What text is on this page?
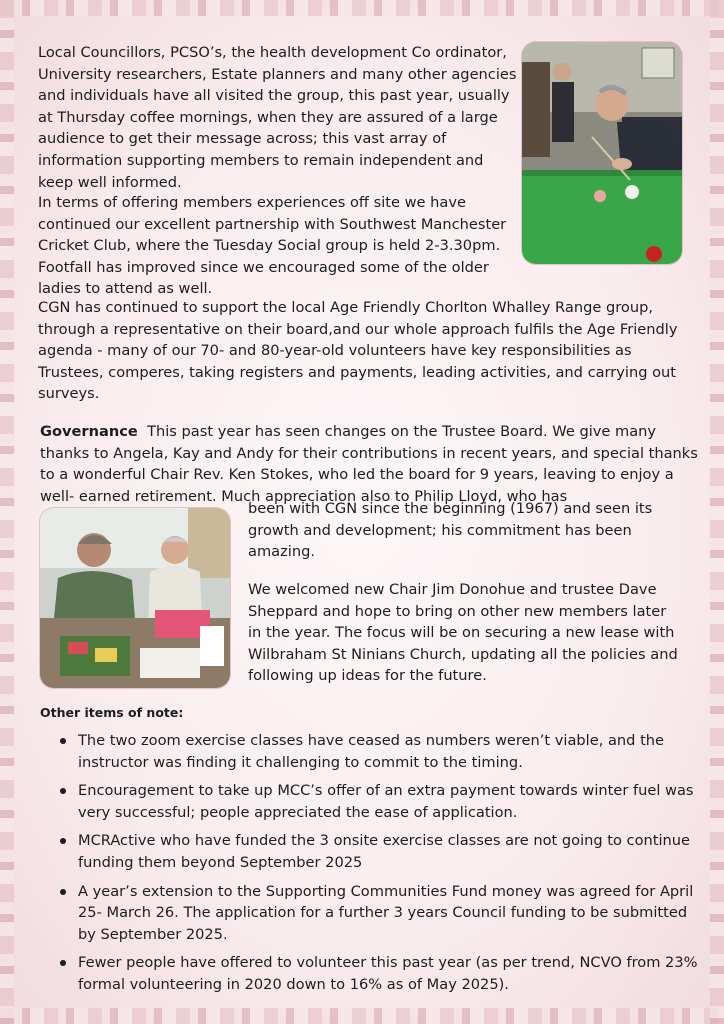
Local Councillors, PCSO’s, the health development Co ordinator, University researchers, Estate planners and many other agencies and individuals have all visited the group, this past year, usually at Thursday coffee mornings, when they are assured of a large audience to get their message across; this vast array of information supporting members to remain independent and keep well informed.

In terms of offering members experiences off site we have continued our excellent partnership with Southwest Manchester Cricket Club, where the Tuesday Social group is held 2-3.30pm. Footfall has improved since we encouraged some of the older ladies to attend as well.

CGN has continued to support the local Age Friendly Chorlton Whalley Range group, through a representative on their board,and our whole approach fulfils the Age Friendly agenda - many of our 70- and 80-year-old volunteers have key responsibilities as Trustees, comperes, taking registers and payments, leading activities, and carrying out surveys.

Governance This past year has seen changes on the Trustee Board. We give many thanks to Angela, Kay and Andy for their contributions in recent years, and special thanks to a wonderful Chair Rev. Ken Stokes, who led the board for 9 years, leaving to enjoy a well- earned retirement. Much appreciation also to Philip Lloyd, who has

been with CGN since the beginning (1967) and seen its growth and development; his commitment has been amazing.

We welcomed new Chair Jim Donohue and trustee Dave Sheppard and hope to bring on other new members later in the year. The focus will be on securing a new lease with Wilbraham St Ninians Church, updating all the policies and following up ideas for the future.

Other items of note:

The two zoom exercise classes have ceased as numbers weren’t viable, and the instructor was finding it challenging to commit to the timing.
Encouragement to take up MCC’s offer of an extra payment towards winter fuel was very successful; people appreciated the ease of application.
MCRActive who have funded the 3 onsite exercise classes are not going to continue funding them beyond September 2025
A year’s extension to the Supporting Communities Fund money was agreed for April 25- March 26. The application for a further 3 years Council funding to be submitted by September 2025.
Fewer people have offered to volunteer this past year (as per trend, NCVO from 23% formal volunteering in 2020 down to 16% as of May 2025).
